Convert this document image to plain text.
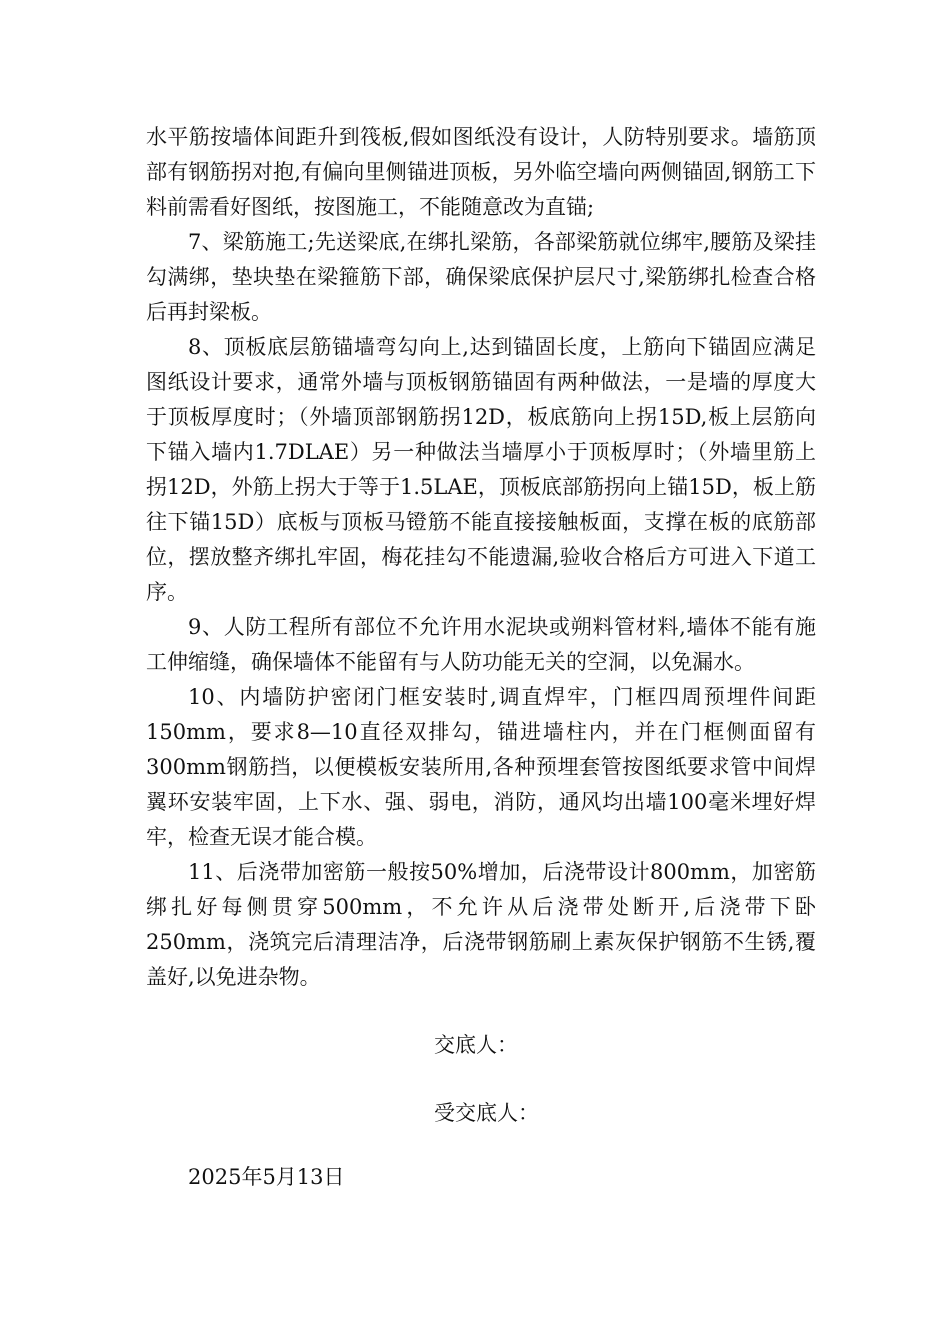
水平筋按墙体间距升到筏板,假如图纸没有设计，人防特别要求。墙筋顶部有钢筋拐对抱,有偏向里侧锚进顶板，另外临空墙向两侧锚固,钢筋工下料前需看好图纸，按图施工，不能随意改为直锚;

7、梁筋施工;先送梁底,在绑扎梁筋，各部梁筋就位绑牢,腰筋及梁挂勾满绑，垫块垫在梁箍筋下部，确保梁底保护层尺寸,梁筋绑扎检查合格后再封梁板。

8、顶板底层筋锚墙弯勾向上,达到锚固长度，上筋向下锚固应满足图纸设计要求，通常外墙与顶板钢筋锚固有两种做法，一是墙的厚度大于顶板厚度时；（外墙顶部钢筋拐12D，板底筋向上拐15D,板上层筋向下锚入墙内1.7DLAE）另一种做法当墙厚小于顶板厚时；（外墙里筋上拐12D，外筋上拐大于等于1.5LAE，顶板底部筋拐向上锚15D，板上筋往下锚15D）底板与顶板马镫筋不能直接接触板面，支撑在板的底筋部位，摆放整齐绑扎牢固，梅花挂勾不能遗漏,验收合格后方可进入下道工序。

9、人防工程所有部位不允许用水泥块或朔料管材料,墙体不能有施工伸缩缝，确保墙体不能留有与人防功能无关的空洞，以免漏水。

10、内墙防护密闭门框安装时,调直焊牢，门框四周预埋件间距150mm，要求8—10直径双排勾，锚进墙柱内，并在门框侧面留有300mm钢筋挡，以便模板安装所用,各种预埋套管按图纸要求管中间焊翼环安装牢固，上下水、强、弱电，消防，通风均出墙100毫米埋好焊牢，检查无误才能合模。

11、后浇带加密筋一般按50%增加，后浇带设计800mm，加密筋绑扎好每侧贯穿500mm，不允许从后浇带处断开,后浇带下卧250mm，浇筑完后清理洁净，后浇带钢筋刷上素灰保护钢筋不生锈,覆盖好,以免进杂物。

交底人：
受交底人：
2025年5月13日
